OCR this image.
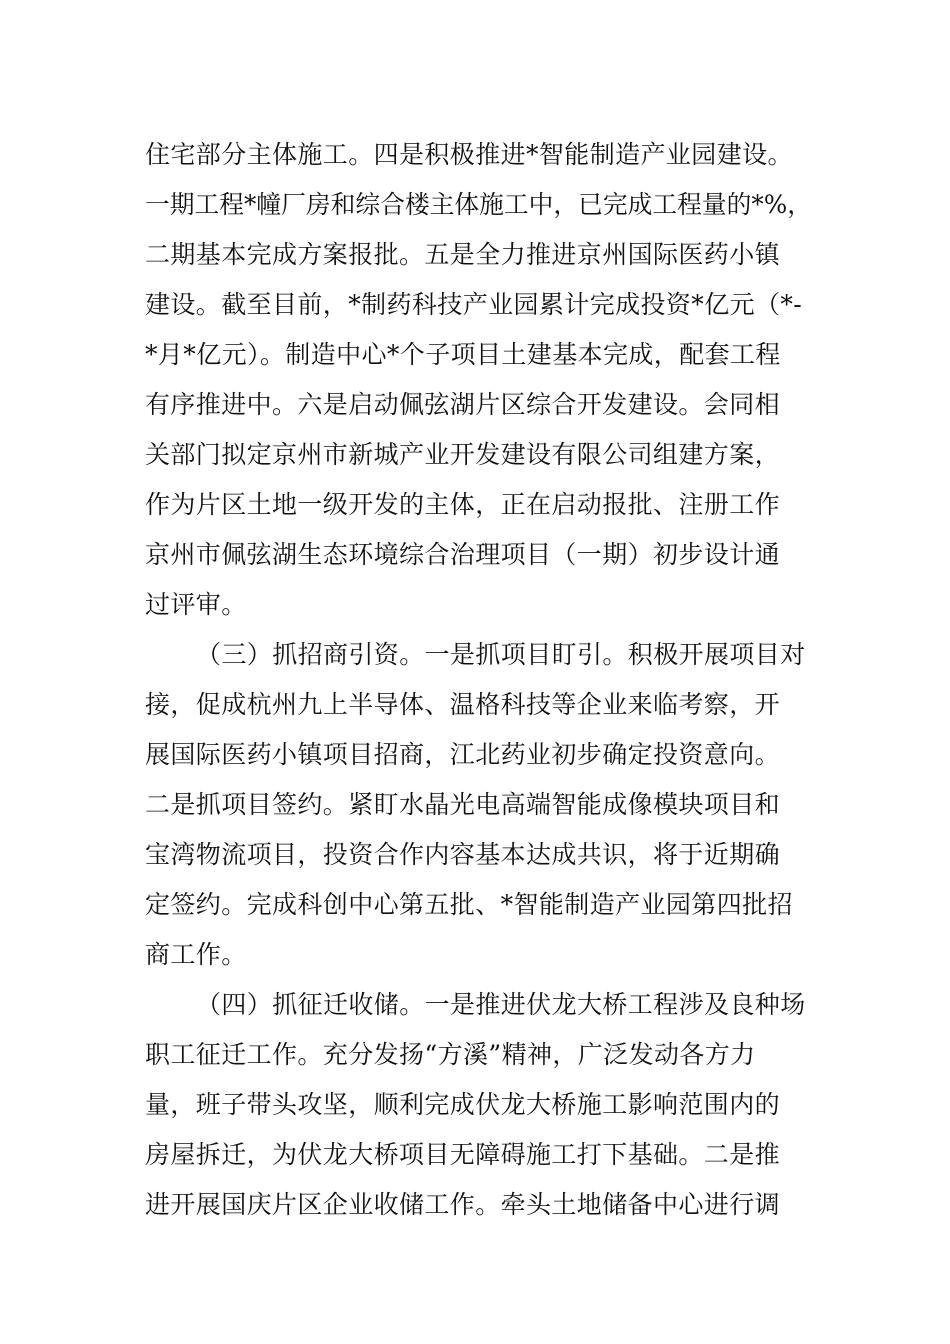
住宅部分主体施工。四是积极推进*智能制造产业园建设。
一期工程*幢厂房和综合楼主体施工中，已完成工程量的*%，
二期基本完成方案报批。五是全力推进京州国际医药小镇
建设。截至目前，*制药科技产业园累计完成投资*亿元（*-
*月*亿元）。制造中心*个子项目土建基本完成，配套工程
有序推进中。六是启动佩弦湖片区综合开发建设。会同相
关部门拟定京州市新城产业开发建设有限公司组建方案，
作为片区土地一级开发的主体，正在启动报批、注册工作
京州市佩弦湖生态环境综合治理项目（一期）初步设计通
过评审。
（三）抓招商引资。一是抓项目盯引。积极开展项目对
接，促成杭州九上半导体、温格科技等企业来临考察，开
展国际医药小镇项目招商，江北药业初步确定投资意向。
二是抓项目签约。紧盯水晶光电高端智能成像模块项目和
宝湾物流项目，投资合作内容基本达成共识，将于近期确
定签约。完成科创中心第五批、*智能制造产业园第四批招
商工作。
（四）抓征迁收储。一是推进伏龙大桥工程涉及良种场
职工征迁工作。充分发扬“方溪”精神，广泛发动各方力
量，班子带头攻坚，顺利完成伏龙大桥施工影响范围内的
房屋拆迁，为伏龙大桥项目无障碍施工打下基础。二是推
进开展国庆片区企业收储工作。牵头土地储备中心进行调
